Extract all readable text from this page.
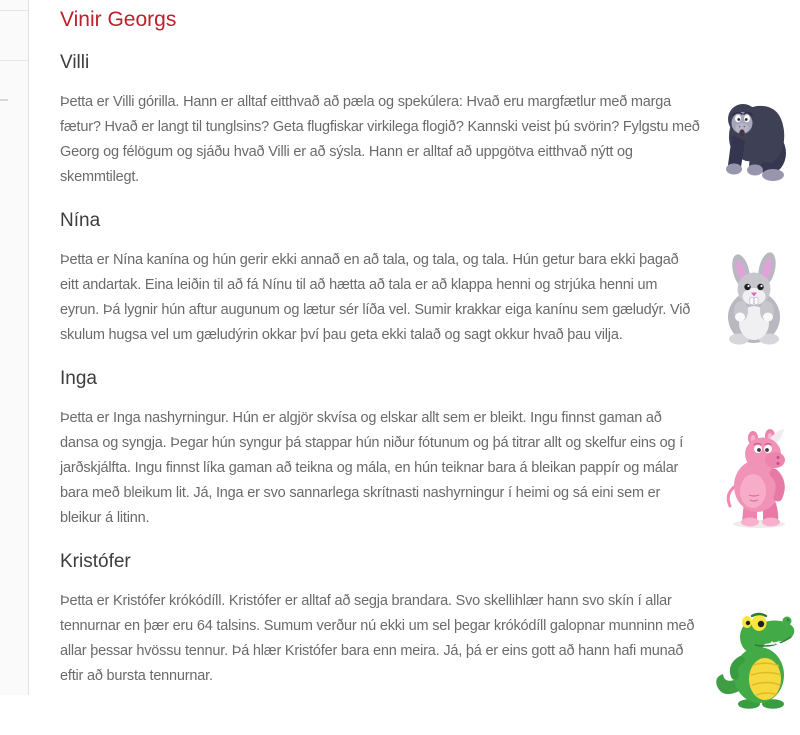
Vinir Georgs
Villi

Þetta er Villi górilla. Hann er alltaf eitthvað að pæla og spekúlera: Hvað eru margfætlur með marga fætur? Hvað er langt til tunglsins? Geta flugfiskar virkilega flogið? Kannski veist þú svörin? Fylgstu með Georg og félögum og sjáðu hvað Villi er að sýsla. Hann er alltaf að uppgötva eitthvað nýtt og skemmtilegt.

Nína

Þetta er Nína kanína og hún gerir ekki annað en að tala, og tala, og tala. Hún getur bara ekki þagað eitt andartak. Eina leiðin til að fá Nínu til að hætta að tala er að klappa henni og strjúka henni um eyrun. Þá lygnir hún aftur augunum og lætur sér líða vel. Sumir krakkar eiga kanínu sem gæludýr. Við skulum hugsa vel um gæludýrin okkar því þau geta ekki talað og sagt okkur hvað þau vilja.

Inga

Þetta er Inga nashyrningur. Hún er algjör skvísa og elskar allt sem er bleikt. Ingu finnst gaman að dansa og syngja. Þegar hún syngur þá stappar hún niður fótunum og þá titrar allt og skelfur eins og í jarðskjálfta. Ingu finnst líka gaman að teikna og mála, en hún teiknar bara á bleikan pappír og málar bara með bleikum lit. Já, Inga er svo sannarlega skrítnasti nashyrningur í heimi og sá eini sem er bleikur á litinn.

Kristófer

Þetta er Kristófer krókódíll. Kristófer er alltaf að segja brandara. Svo skellihlær hann svo skín í allar tennurnar en þær eru 64 talsins. Sumum verður nú ekki um sel þegar krókódíll galopnar munninn með allar þessar hvössu tennur. Þá hlær Kristófer bara enn meira. Já, þá er eins gott að hann hafi munað eftir að bursta tennurnar.
